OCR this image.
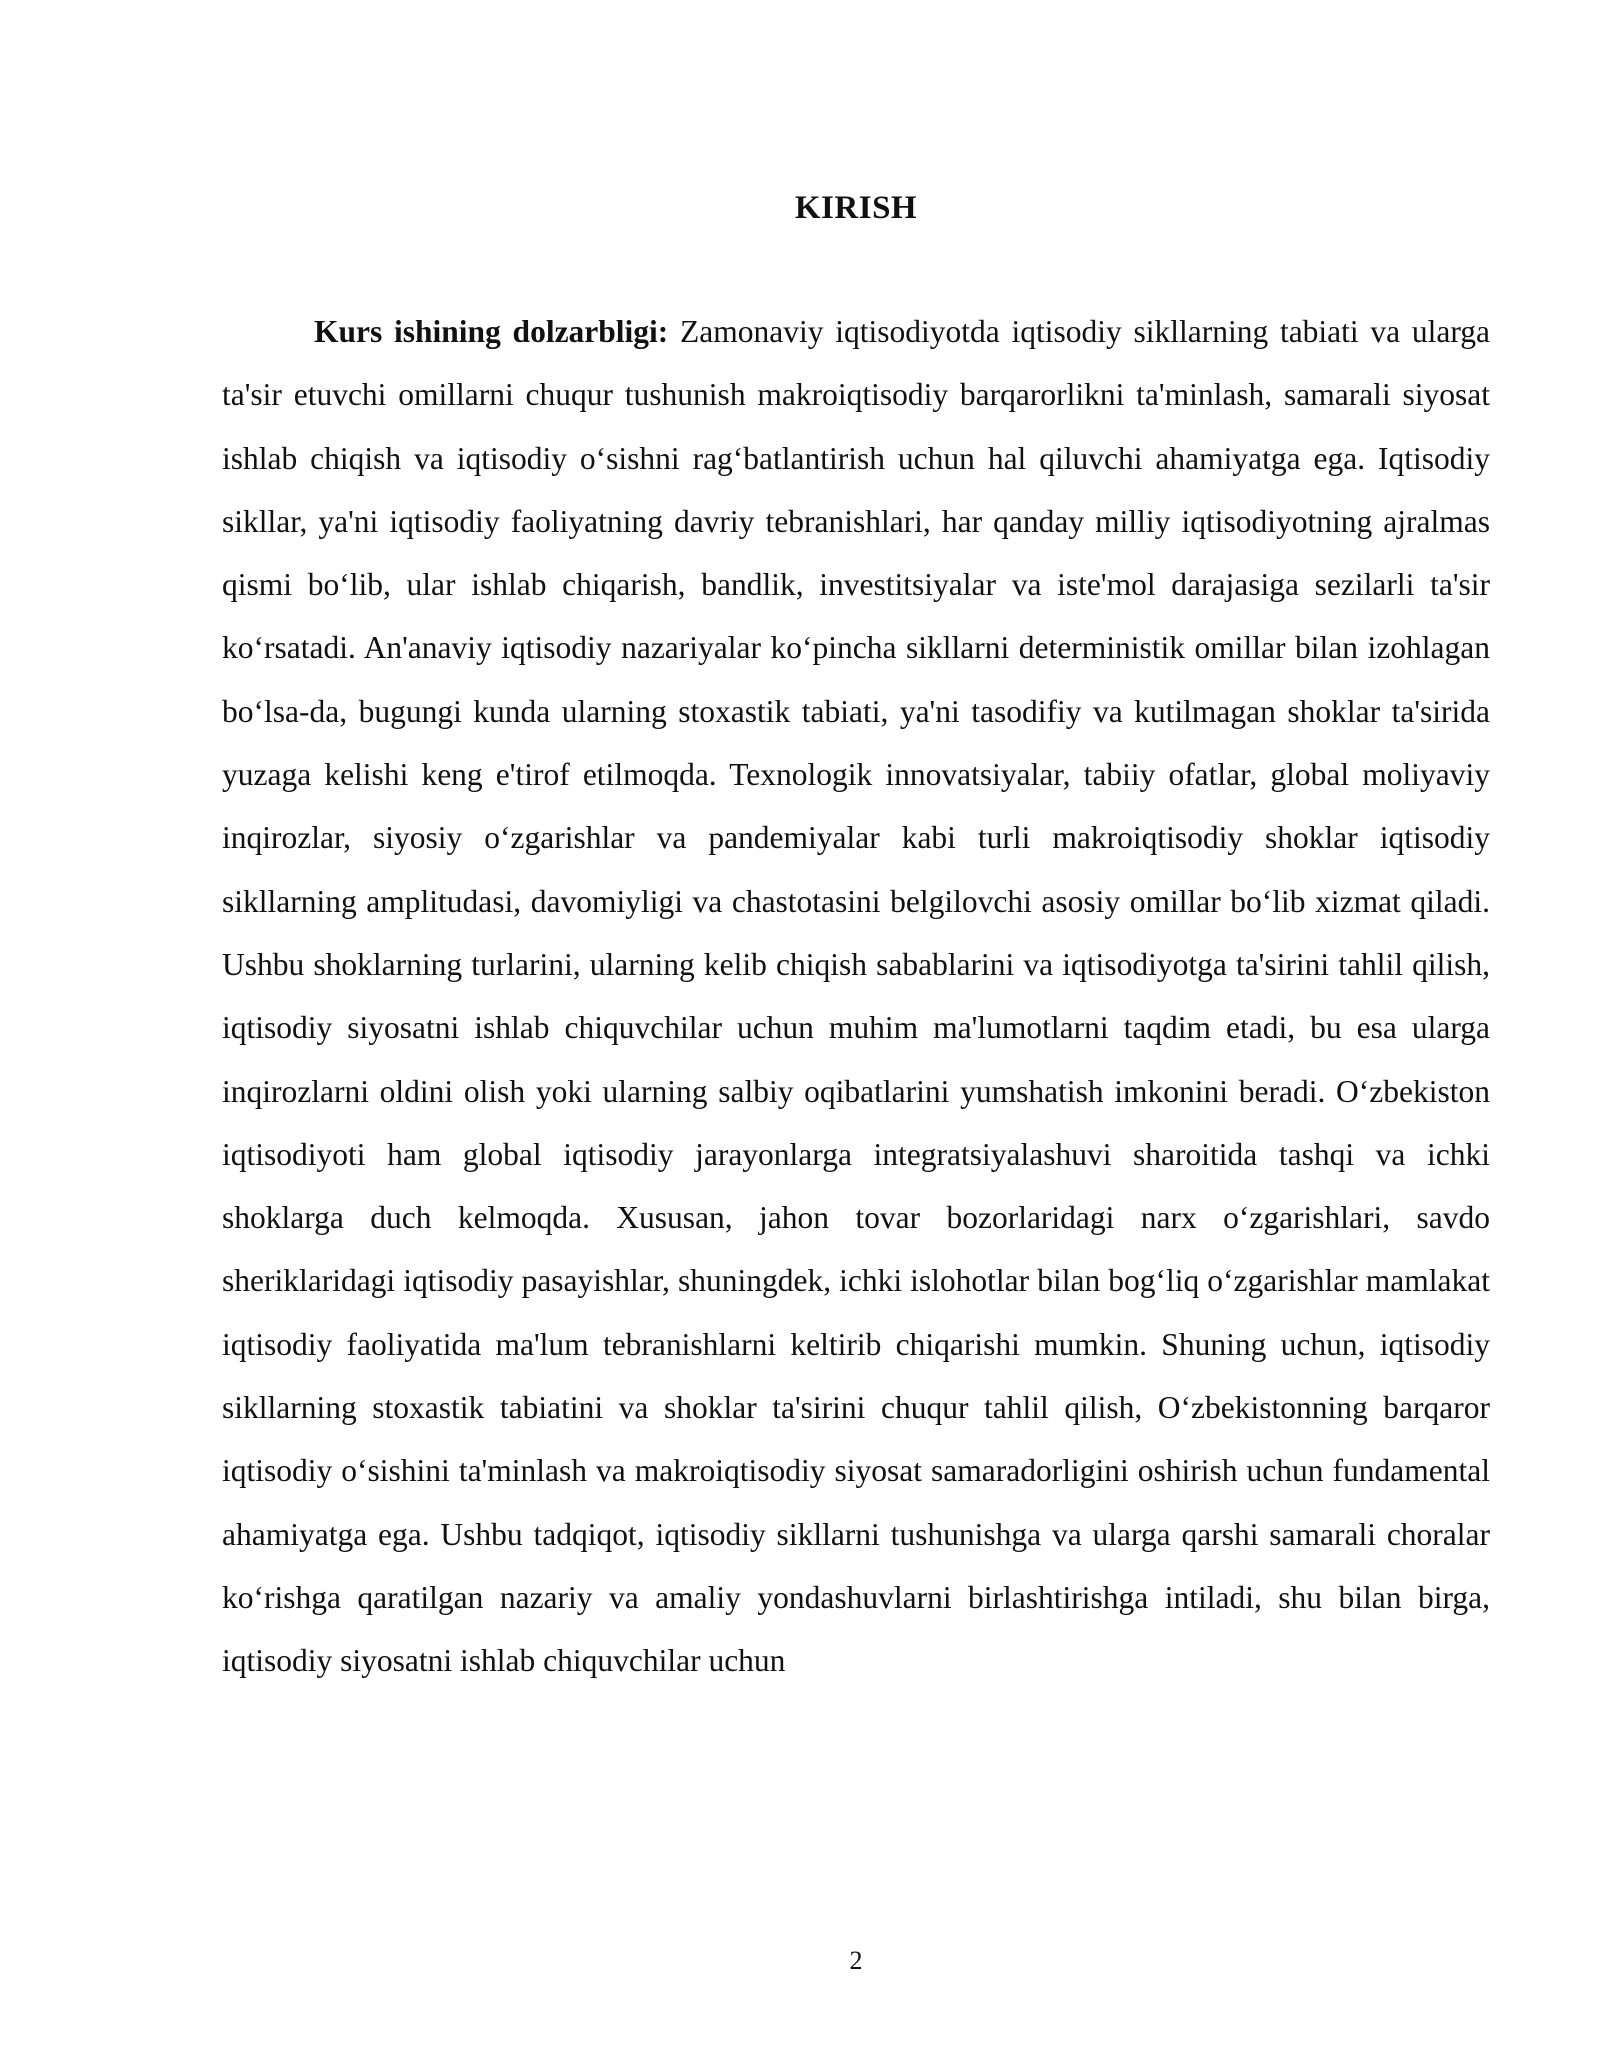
KIRISH

Kurs ishining dolzarbligi: Zamonaviy iqtisodiyotda iqtisodiy sikllarning tabiati va ularga ta'sir etuvchi omillarni chuqur tushunish makroiqtisodiy barqarorlikni ta'minlash, samarali siyosat ishlab chiqish va iqtisodiy o‘sishni rag‘batlantirish uchun hal qiluvchi ahamiyatga ega. Iqtisodiy sikllar, ya'ni iqtisodiy faoliyatning davriy tebranishlari, har qanday milliy iqtisodiyotning ajralmas qismi bo‘lib, ular ishlab chiqarish, bandlik, investitsiyalar va iste'mol darajasiga sezilarli ta'sir ko‘rsatadi. An'anaviy iqtisodiy nazariyalar ko‘pincha sikllarni deterministik omillar bilan izohlagan bo‘lsa-da, bugungi kunda ularning stoxastik tabiati, ya'ni tasodifiy va kutilmagan shoklar ta'sirida yuzaga kelishi keng e'tirof etilmoqda. Texnologik innovatsiyalar, tabiiy ofatlar, global moliyaviy inqirozlar, siyosiy o‘zgarishlar va pandemiyalar kabi turli makroiqtisodiy shoklar iqtisodiy sikllarning amplitudasi, davomiyligi va chastotasini belgilovchi asosiy omillar bo‘lib xizmat qiladi. Ushbu shoklarning turlarini, ularning kelib chiqish sabablarini va iqtisodiyotga ta'sirini tahlil qilish, iqtisodiy siyosatni ishlab chiquvchilar uchun muhim ma'lumotlarni taqdim etadi, bu esa ularga inqirozlarni oldini olish yoki ularning salbiy oqibatlarini yumshatish imkonini beradi. O‘zbekiston iqtisodiyoti ham global iqtisodiy jarayonlarga integratsiyalashuvi sharoitida tashqi va ichki shoklarga duch kelmoqda. Xususan, jahon tovar bozorlaridagi narx o‘zgarishlari, savdo sheriklaridagi iqtisodiy pasayishlar, shuningdek, ichki islohotlar bilan bog‘liq o‘zgarishlar mamlakat iqtisodiy faoliyatida ma'lum tebranishlarni keltirib chiqarishi mumkin. Shuning uchun, iqtisodiy sikllarning stoxastik tabiatini va shoklar ta'sirini chuqur tahlil qilish, O‘zbekistonning barqaror iqtisodiy o‘sishini ta'minlash va makroiqtisodiy siyosat samaradorligini oshirish uchun fundamental ahamiyatga ega. Ushbu tadqiqot, iqtisodiy sikllarni tushunishga va ularga qarshi samarali choralar ko‘rishga qaratilgan nazariy va amaliy yondashuvlarni birlashtirishga intiladi, shu bilan birga, iqtisodiy siyosatni ishlab chiquvchilar uchun

2
